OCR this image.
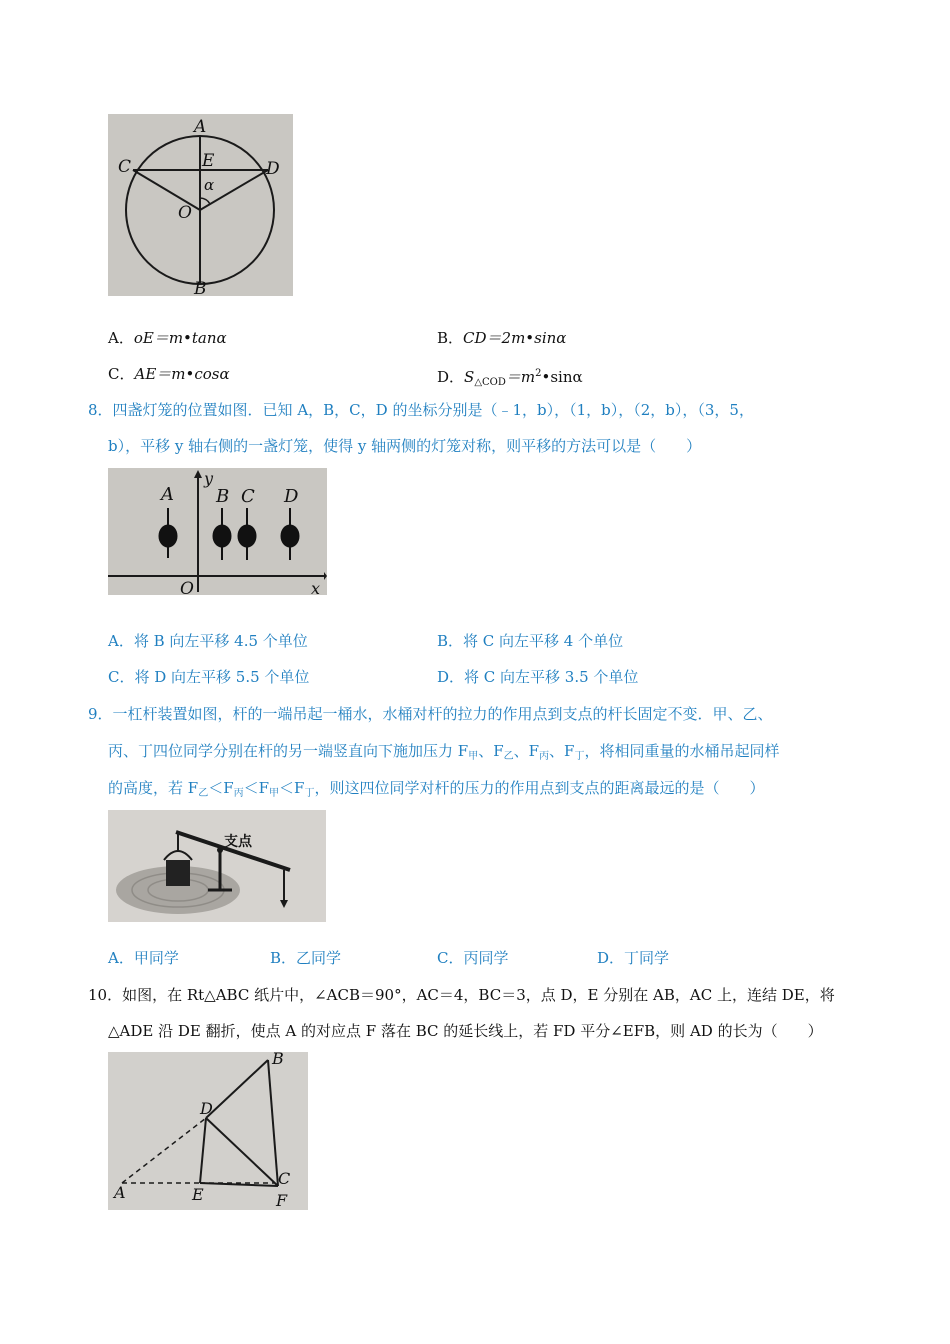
A
E	D
C
α
O
B
A．oE＝m•tanα	B．CD＝2m•sinα
C．AE＝m•cosα	D．$S_{\triangle COD}=m^2•\sin\alpha$
8．四盏灯笼的位置如图．已知 A，B，C，D 的坐标分别是（﹣1，b），（1，b），（2，b），（3，5，
b），平移 y 轴右侧的一盏灯笼，使得 y 轴两侧的灯笼对称，则平移的方法可以是（　　）
A B C D
y
O	x
A．将 B 向左平移 4.5 个单位	B．将 C 向左平移 4 个单位
C．将 D 向左平移 5.5 个单位	D．将 C 向左平移 3.5 个单位
9．一杠杆装置如图，杆的一端吊起一桶水，水桶对杆的拉力的作用点到支点的杆长固定不变．甲、乙、
丙、丁四位同学分别在杆的另一端竖直向下施加压力 $F_甲$、$F_乙$、$F_丙$、$F_丁$，将相同重量的水桶吊起同样
的高度，若 $F_乙<F_丙<F_甲<F_丁$，则这四位同学对杆的压力的作用点到支点的距离最远的是（　　）
支点
A．甲同学	B．乙同学	C．丙同学	D．丁同学
10．如图，在 Rt△ABC 纸片中，∠ACB＝90°，AC＝4，BC＝3，点 D，E 分别在 AB，AC 上，连结 DE，将
△ADE 沿 DE 翻折，使点 A 的对应点 F 落在 BC 的延长线上，若 FD 平分∠EFB，则 AD 的长为（　　）
B
D
C
A	E	F
